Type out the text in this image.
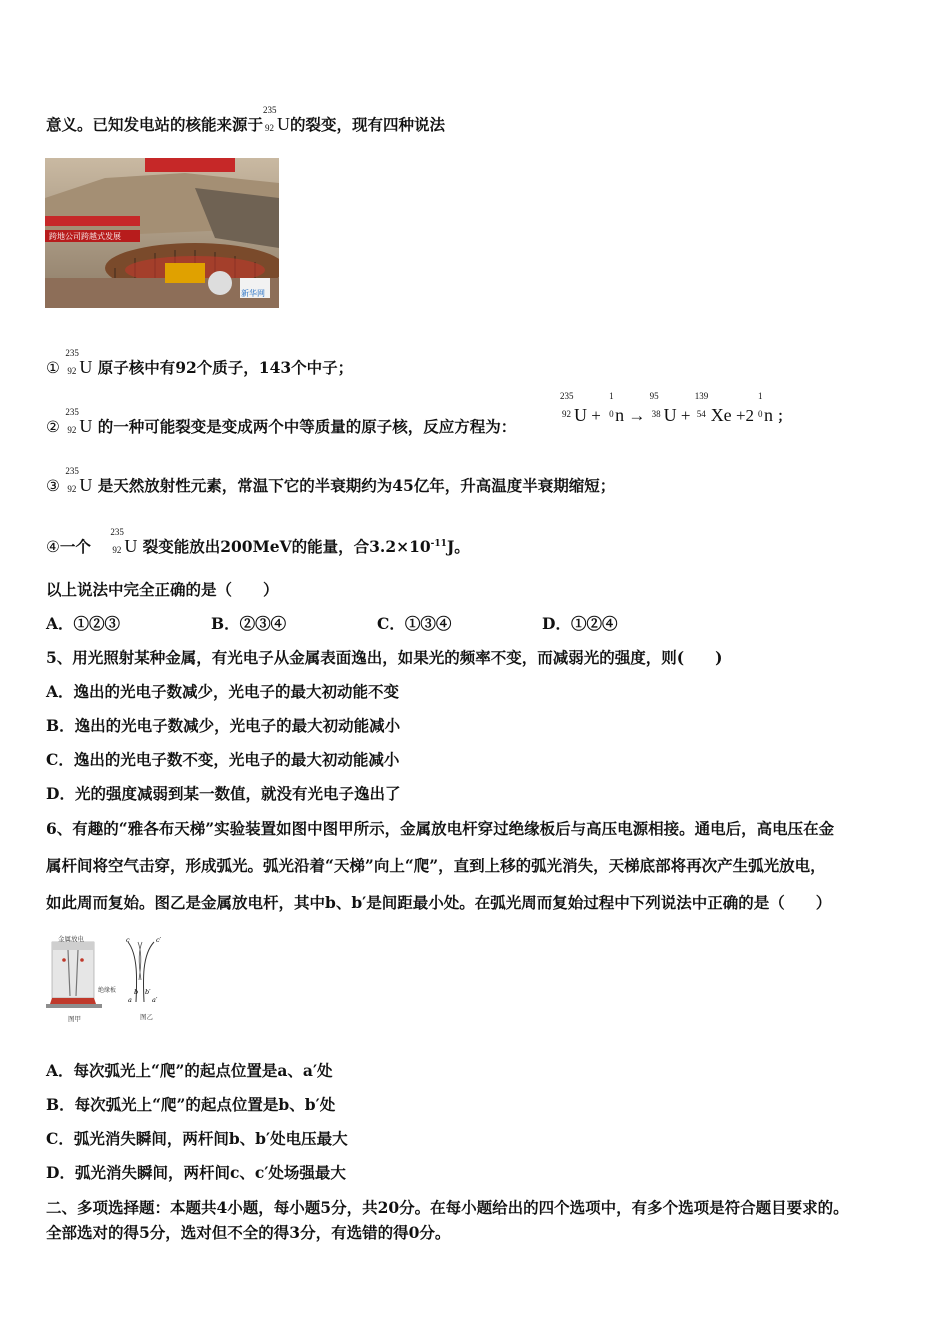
意义。已知发电站的核能来源于
235
92 U的裂变，现有四种说法
跨地公司跨越式发展
新华网
①
235
92 U 原子核中有92个质子，143个中子；
②
235
92 U 的一种可能裂变是变成两个中等质量的原子核，反应方程为：
235
92 U +
1
0 n →
95
38 U +
139
54 Xe +2
1
0 n ；
③
235
92 U 是天然放射性元素，常温下它的半衰期约为45亿年，升高温度半衰期缩短；
④一个
235
92 U 裂变能放出200MeV的能量，合$3.2\times 10^{-11}J$。
以上说法中完全正确的是（　　）
A．①②③	B．②③④	C．①③④	D．①②④
5、用光照射某种金属，有光电子从金属表面逸出，如果光的频率不变，而减弱光的强度，则(　　)
A．逸出的光电子数减少，光电子的最大初动能不变
B．逸出的光电子数减少，光电子的最大初动能减小
C．逸出的光电子数不变，光电子的最大初动能减小
D．光的强度减弱到某一数值，就没有光电子逸出了
6、有趣的“雅各布天梯”实验装置如图中图甲所示，金属放电杆穿过绝缘板后与高压电源相接。通电后，高电压在金
属杆间将空气击穿，形成弧光。弧光沿着“天梯”向上“爬”，直到上移的弧光消失，天梯底部将再次产生弧光放电，
如此周而复始。图乙是金属放电杆，其中b、b′是间距最小处。在弧光周而复始过程中下列说法中正确的是（　　）
金属放电
绝缘板
图甲	图乙
c	c′
b b′
a	a′
A．每次弧光上“爬”的起点位置是a、a′处
B．每次弧光上“爬”的起点位置是b、b′处
C．弧光消失瞬间，两杆间b、b′处电压最大
D．弧光消失瞬间，两杆间c、c′处场强最大
二、多项选择题：本题共4小题，每小题5分，共20分。在每小题给出的四个选项中，有多个选项是符合题目要求的。
全部选对的得5分，选对但不全的得3分，有选错的得0分。
